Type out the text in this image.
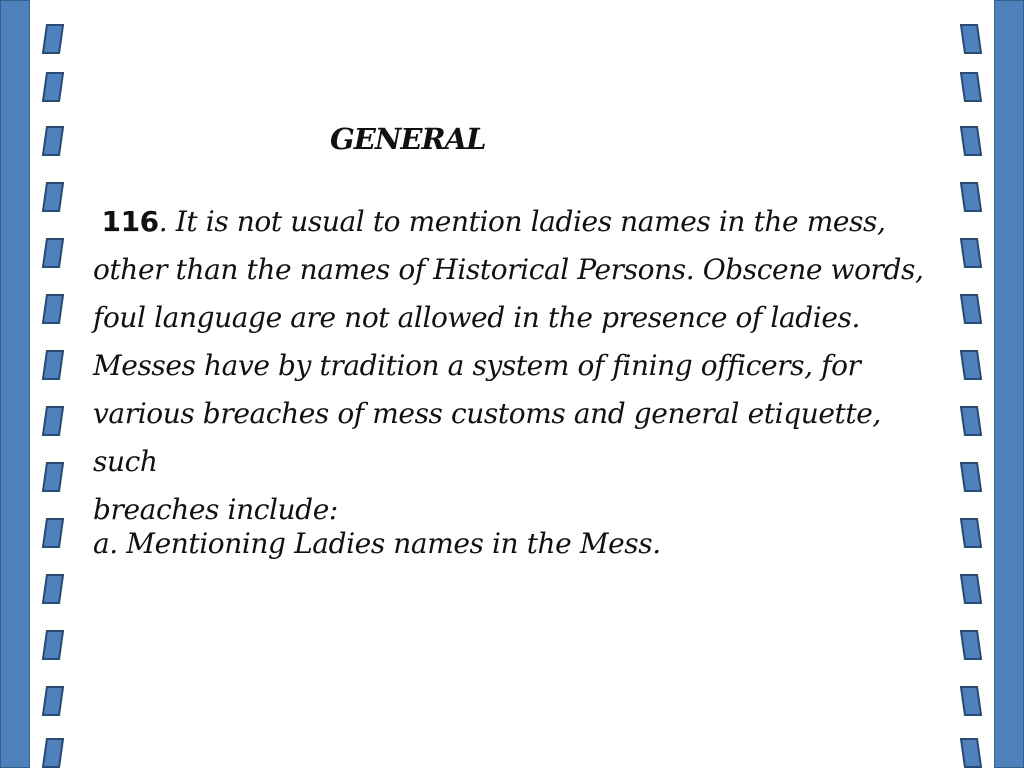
GENERAL

116. It is not usual to mention ladies names in the mess,
other than the names of Historical Persons. Obscene words,
foul language are not allowed in the presence of ladies.
Messes have by tradition a system of fining officers, for
various breaches of mess customs and general etiquette, such
breaches include:

a. Mentioning Ladies names in the Mess.
